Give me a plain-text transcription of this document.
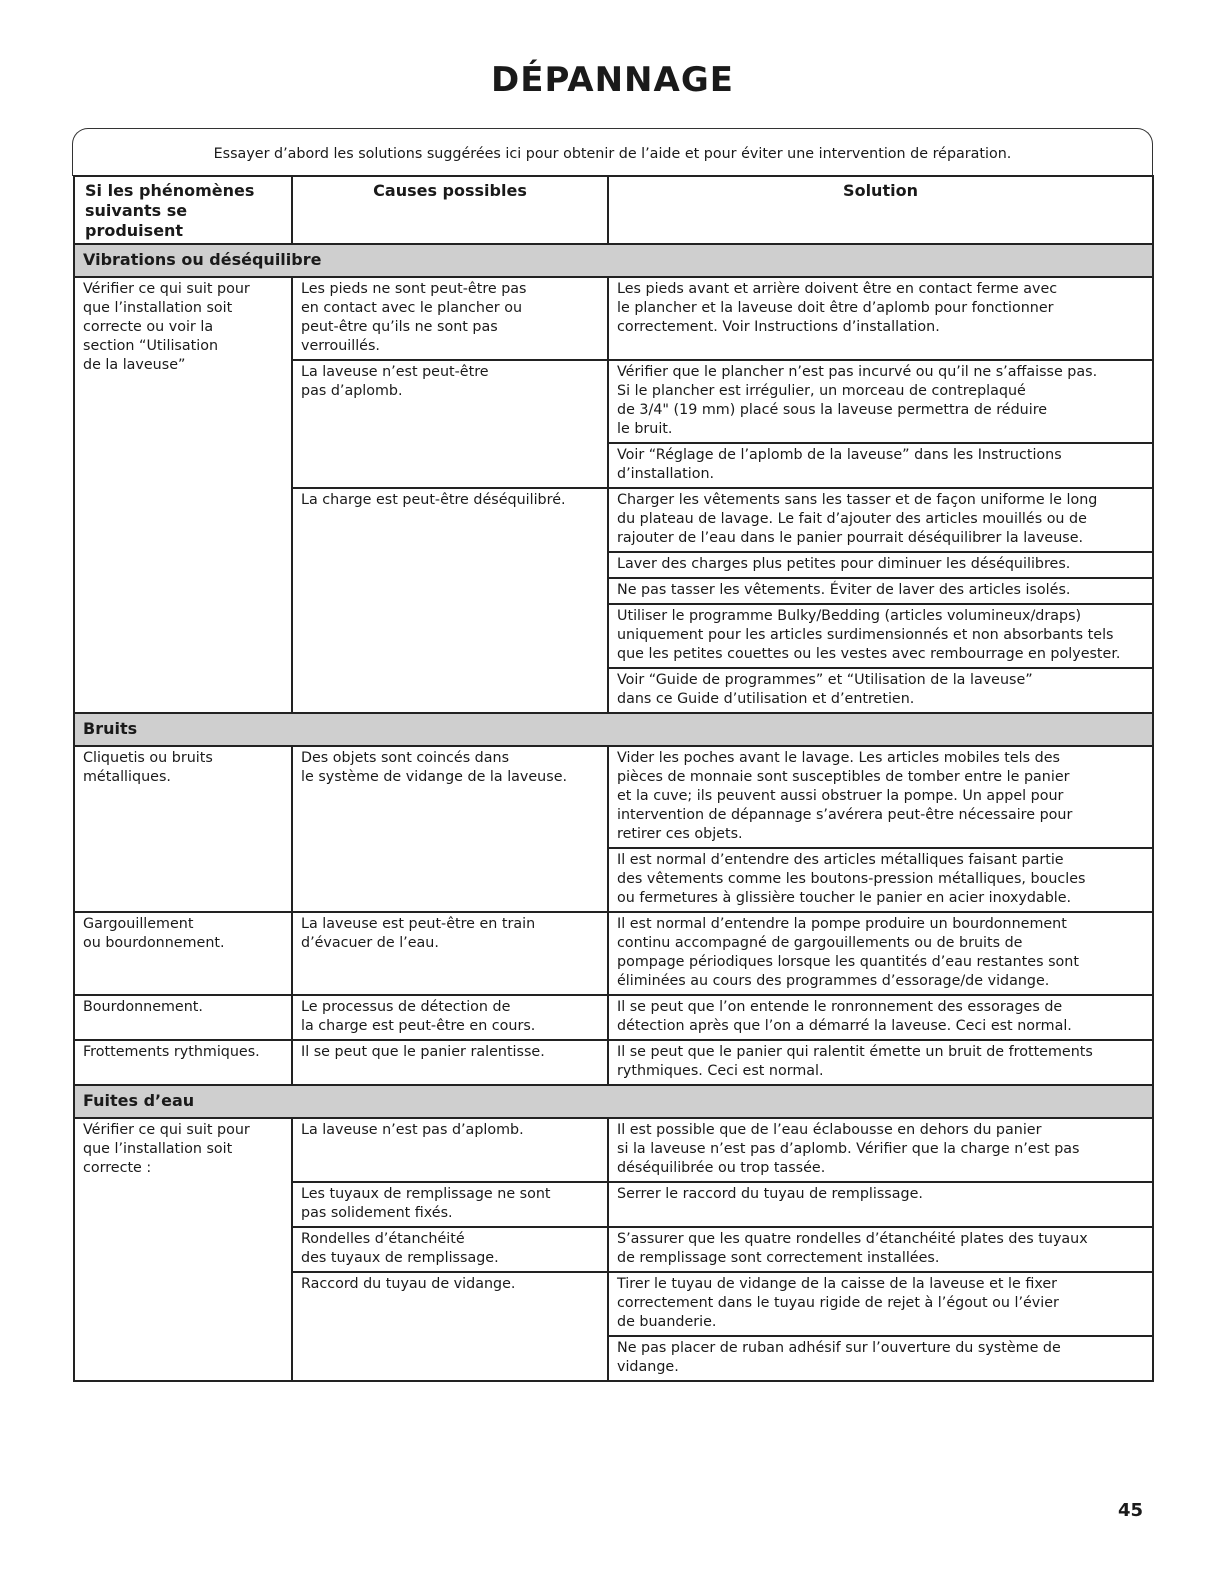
DÉPANNAGE
Essayer d’abord les solutions suggérées ici pour obtenir de l’aide et pour éviter une intervention de réparation.
Si les phénomènes
suivants se produisent	Causes possibles	Solution
Vibrations ou déséquilibre		
Vérifier ce qui suit pour
que l’installation soit
correcte ou voir la
section “Utilisation
de la laveuse”	Les pieds ne sont peut-être pas
en contact avec le plancher ou
peut-être qu’ils ne sont pas
verrouillés.	Les pieds avant et arrière doivent être en contact ferme avec
le plancher et la laveuse doit être d’aplomb pour fonctionner
correctement. Voir Instructions d’installation.
	La laveuse n’est peut-être
pas d’aplomb.	Vérifier que le plancher n’est pas incurvé ou qu’il ne s’affaisse pas.
Si le plancher est irrégulier, un morceau de contreplaqué
de 3/4" (19 mm) placé sous la laveuse permettra de réduire
le bruit.
		Voir “Réglage de l’aplomb de la laveuse” dans les Instructions
d’installation.
	La charge est peut-être déséquilibré.	Charger les vêtements sans les tasser et de façon uniforme le long
du plateau de lavage. Le fait d’ajouter des articles mouillés ou de
rajouter de l’eau dans le panier pourrait déséquilibrer la laveuse.
		Laver des charges plus petites pour diminuer les déséquilibres.
		Ne pas tasser les vêtements. Éviter de laver des articles isolés.
		Utiliser le programme Bulky/Bedding (articles volumineux/draps)
uniquement pour les articles surdimensionnés et non absorbants tels
que les petites couettes ou les vestes avec rembourrage en polyester.
		Voir “Guide de programmes” et “Utilisation de la laveuse”
dans ce Guide d’utilisation et d’entretien.

Bruits		
Cliquetis ou bruits
métalliques.	Des objets sont coincés dans
le système de vidange de la laveuse.	Vider les poches avant le lavage. Les articles mobiles tels des
pièces de monnaie sont susceptibles de tomber entre le panier
et la cuve; ils peuvent aussi obstruer la pompe. Un appel pour
intervention de dépannage s’avérera peut-être nécessaire pour
retirer ces objets.
		Il est normal d’entendre des articles métalliques faisant partie
des vêtements comme les boutons-pression métalliques, boucles
ou fermetures à glissière toucher le panier en acier inoxydable.
Gargouillement
ou bourdonnement.	La laveuse est peut-être en train
d’évacuer de l’eau.	Il est normal d’entendre la pompe produire un bourdonnement
continu accompagné de gargouillements ou de bruits de
pompage périodiques lorsque les quantités d’eau restantes sont
éliminées au cours des programmes d’essorage/de vidange.
Bourdonnement.	Le processus de détection de
la charge est peut-être en cours.	Il se peut que l’on entende le ronronnement des essorages de
détection après que l’on a démarré la laveuse. Ceci est normal.
Frottements rythmiques.	Il se peut que le panier ralentisse.	Il se peut que le panier qui ralentit émette un bruit de frottements
rythmiques. Ceci est normal.
Fuites d’eau		
Vérifier ce qui suit pour
que l’installation soit
correcte :	La laveuse n’est pas d’aplomb.	Il est possible que de l’eau éclabousse en dehors du panier
si la laveuse n’est pas d’aplomb. Vérifier que la charge n’est pas
déséquilibrée ou trop tassée.
	Les tuyaux de remplissage ne sont
pas solidement fixés.	Serrer le raccord du tuyau de remplissage.
	Rondelles d’étanchéité
des tuyaux de remplissage.	S’assurer que les quatre rondelles d’étanchéité plates des tuyaux
de remplissage sont correctement installées.
	Raccord du tuyau de vidange.	Tirer le tuyau de vidange de la caisse de la laveuse et le fixer
correctement dans le tuyau rigide de rejet à l’égout ou l’évier
de buanderie.
		Ne pas placer de ruban adhésif sur l’ouverture du système de
vidange.
45
